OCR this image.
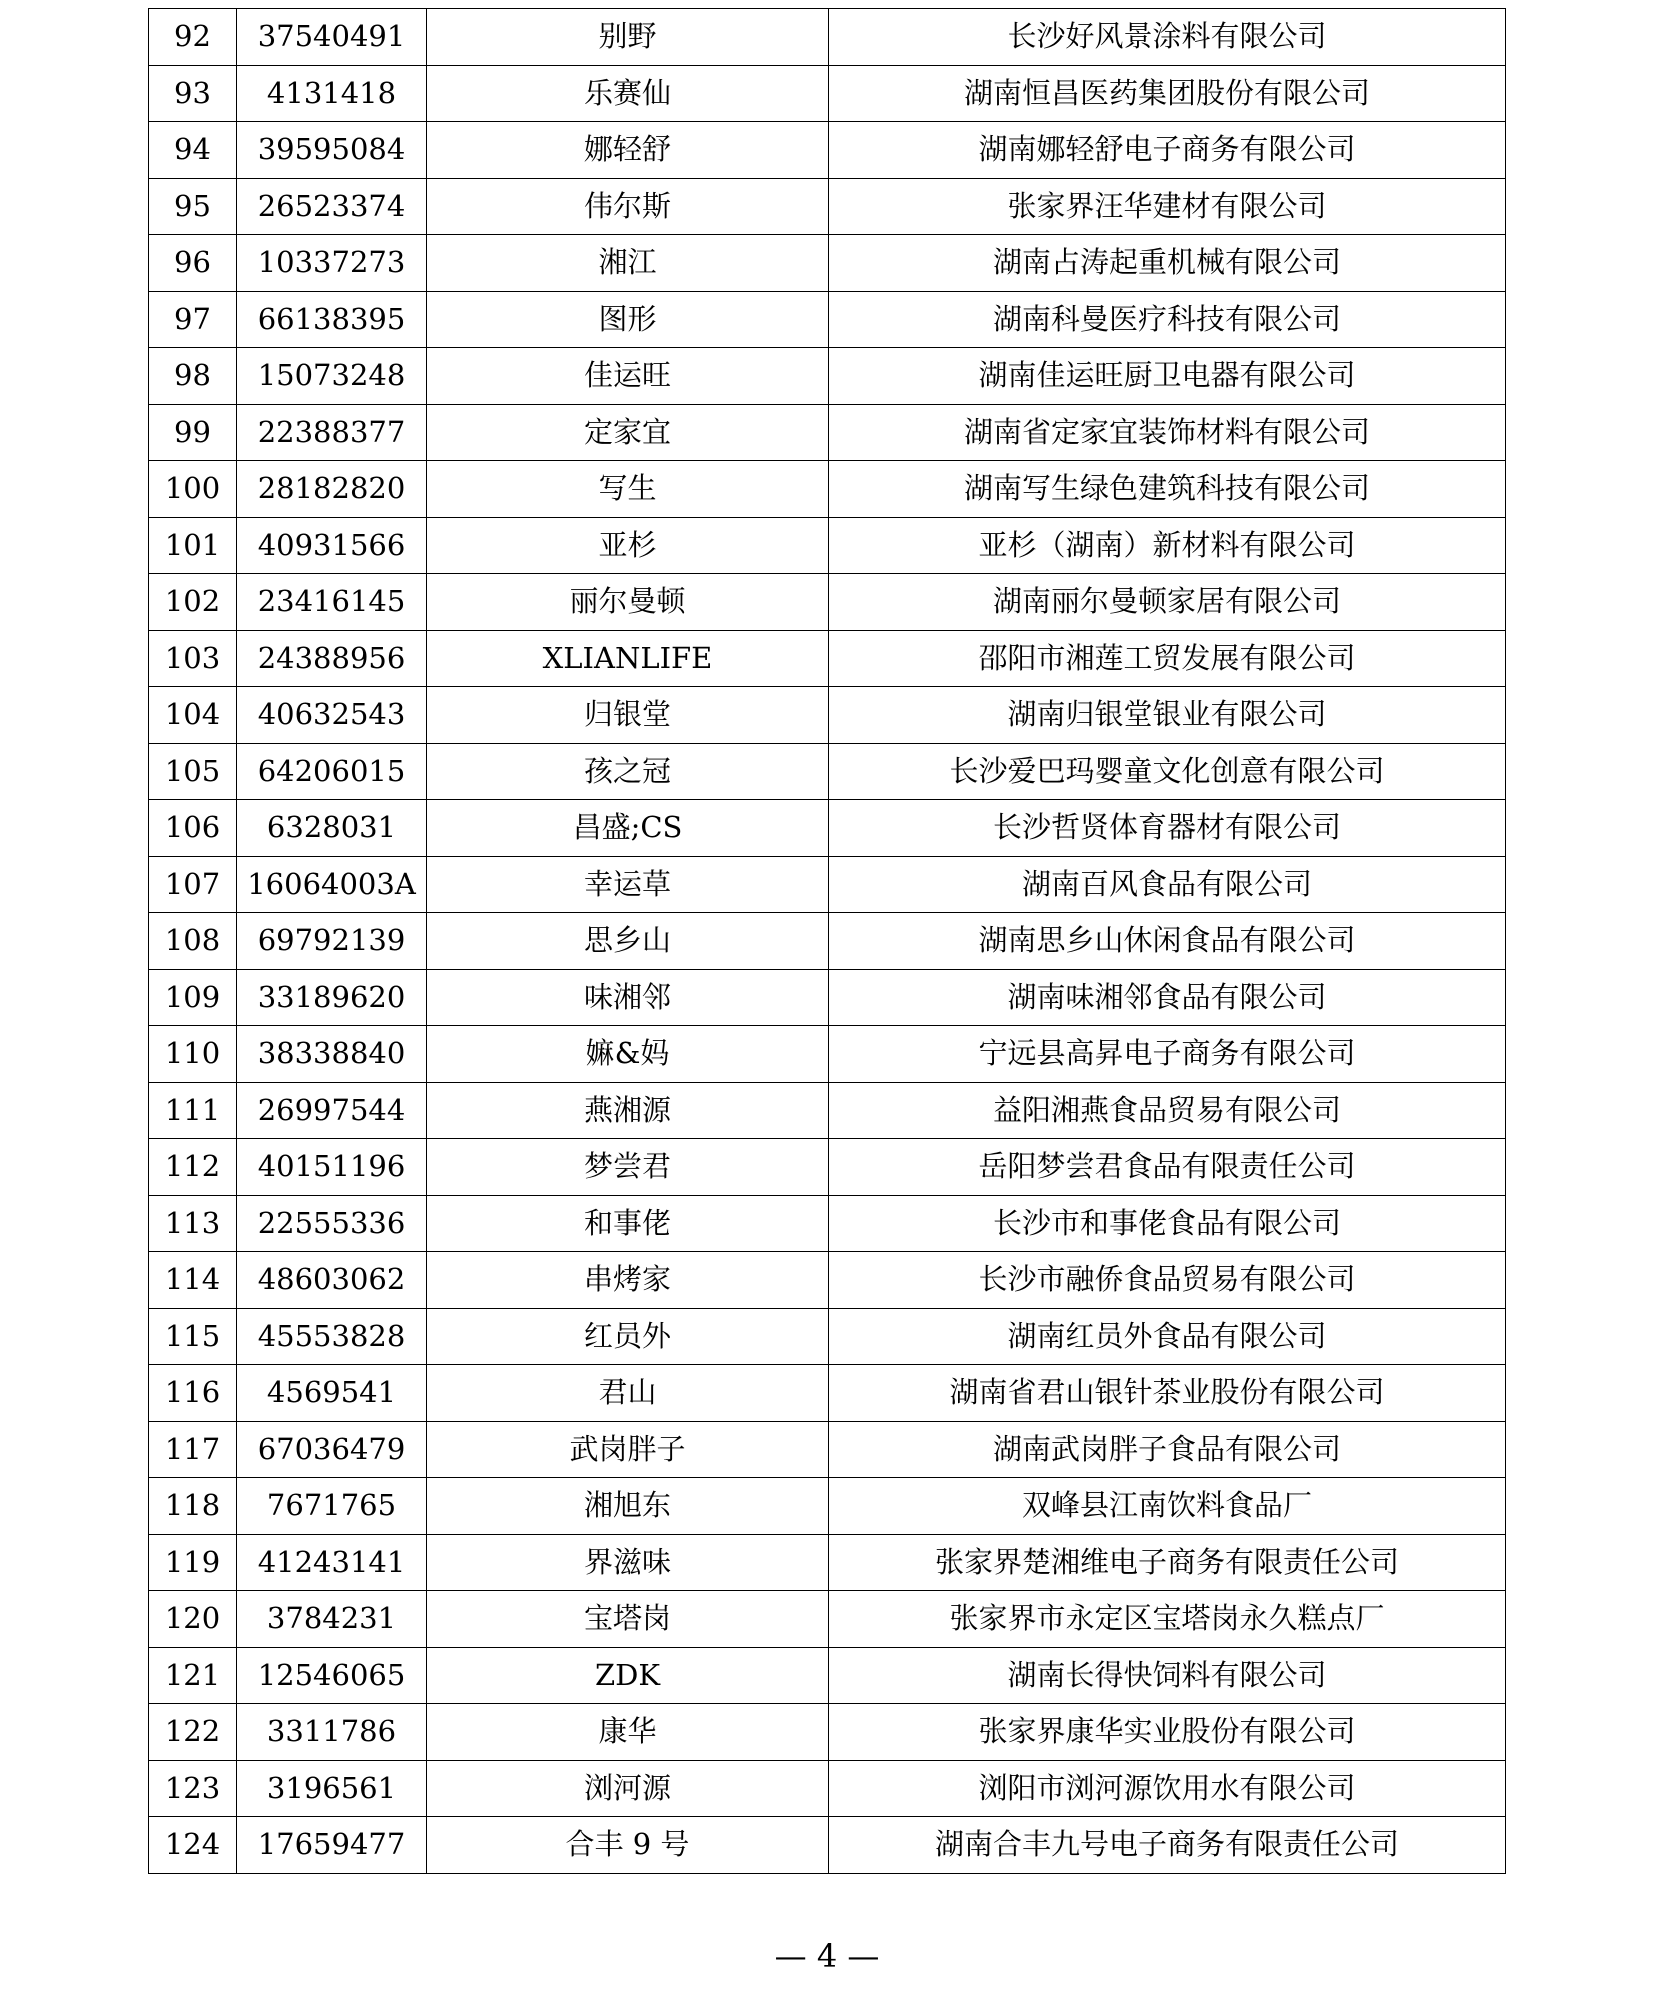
92	37540491	别野	长沙好风景涂料有限公司
93	4131418	乐赛仙	湖南恒昌医药集团股份有限公司
94	39595084	娜轻舒	湖南娜轻舒电子商务有限公司
95	26523374	伟尔斯	张家界汪华建材有限公司
96	10337273	湘江	湖南占涛起重机械有限公司
97	66138395	图形	湖南科曼医疗科技有限公司
98	15073248	佳运旺	湖南佳运旺厨卫电器有限公司
99	22388377	定家宜	湖南省定家宜装饰材料有限公司
100	28182820	写生	湖南写生绿色建筑科技有限公司
101	40931566	亚杉	亚杉（湖南）新材料有限公司
102	23416145	丽尔曼顿	湖南丽尔曼顿家居有限公司
103	24388956	XLIANLIFE	邵阳市湘莲工贸发展有限公司
104	40632543	归银堂	湖南归银堂银业有限公司
105	64206015	孩之冠	长沙爱巴玛婴童文化创意有限公司
106	6328031	昌盛;CS	长沙哲贤体育器材有限公司
107	16064003A	幸运草	湖南百风食品有限公司
108	69792139	思乡山	湖南思乡山休闲食品有限公司
109	33189620	味湘邻	湖南味湘邻食品有限公司
110	38338840	嫲&妈	宁远县高昇电子商务有限公司
111	26997544	燕湘源	益阳湘燕食品贸易有限公司
112	40151196	梦尝君	岳阳梦尝君食品有限责任公司
113	22555336	和事佬	长沙市和事佬食品有限公司
114	48603062	串烤家	长沙市融侨食品贸易有限公司
115	45553828	红员外	湖南红员外食品有限公司
116	4569541	君山	湖南省君山银针茶业股份有限公司
117	67036479	武岗胖子	湖南武岗胖子食品有限公司
118	7671765	湘旭东	双峰县江南饮料食品厂
119	41243141	界滋味	张家界楚湘维电子商务有限责任公司
120	3784231	宝塔岗	张家界市永定区宝塔岗永久糕点厂
121	12546065	ZDK	湖南长得快饲料有限公司
122	3311786	康华	张家界康华实业股份有限公司
123	3196561	浏河源	浏阳市浏河源饮用水有限公司
124	17659477	合丰 9 号	湖南合丰九号电子商务有限责任公司
— 4 —
